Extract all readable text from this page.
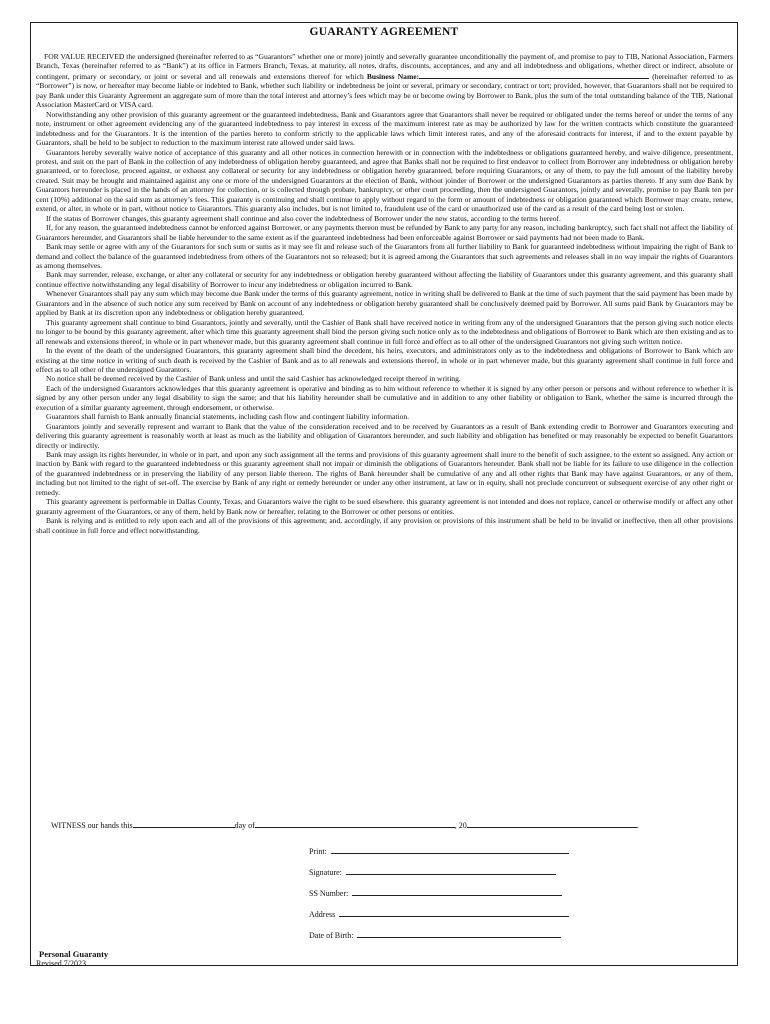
GUARANTY AGREEMENT

FOR VALUE RECEIVED the undersigned (hereinafter referred to as “Guarantors” whether one or more) jointly and severally guarantee unconditionally the payment of, and promise to pay to TIB, National Association, Farmers Branch, Texas (hereinafter referred to as “Bank”) at its office in Farmers Branch, Texas, at maturity, all notes, drafts, discounts, acceptances, and any and all indebtedness and obligations, whether direct or indirect, absolute or contingent, primary or secondary, or joint or several and all renewals and extensions thereof for which Business Name:	(hereinafter referred to as “Borrower”) is now, or hereafter may become liable or indebted to Bank, whether such liability or indebtedness be joint or several, primary or secondary, contract or tort; provided, however, that Guarantors shall not be required to pay Bank under this Guaranty Agreement an aggregate sum of more than the total interest and attorney’s fees which may be or become owing by Borrower to Bank, plus the sum of the total outstanding balance of the TIB, National Association MasterCard or VISA card.

Notwithstanding any other provision of this guaranty agreement or the guaranteed indebtedness, Bank and Guarantors agree that Guarantors shall never be required or obligated under the terms hereof or under the terms of any note, instrument or other agreement evidencing any of the guaranteed indebtedness to pay interest in excess of the maximum interest rate as may be authorized by law for the written contracts which constitute the guaranteed indebtedness and for the Guarantors. It is the intention of the parties hereto to conform strictly to the applicable laws which limit interest rates, and any of the aforesaid contracts for interest, if and to the extent payable by Guarantors, shall be held to be subject to reduction to the maximum interest rate allowed under said laws.

Guarantors hereby severally waive notice of acceptance of this guaranty and all other notices in connection herewith or in connection with the indebtedness or obligations guaranteed hereby, and waive diligence, presentment, protest, and suit on the part of Bank in the collection of any indebtedness of obligation hereby guaranteed, and agree that Banks shall not be required to first endeavor to collect from Borrower any indebtedness or obligation hereby guaranteed, or to foreclose, proceed against, or exhaust any collateral or security for any indebtedness or obligation hereby guaranteed, before requiring Guarantors, or any of them, to pay the full amount of the liability hereby created. Suit may be brought and maintained against any one or more of the undersigned Guarantors at the election of Bank, without joinder of Borrower or the undersigned Guarantors as parties thereto. If any sum due Bank by Guarantors hereunder is placed in the hands of an attorney for collection, or is collected through probate, bankruptcy, or other court proceeding, then the undersigned Guarantors, jointly and severally, promise to pay Bank ten per cent (10%) additional on the said sum as attorney’s fees. This guaranty is continuing and shall continue to apply without regard to the form or amount of indebtedness or obligation guaranteed which Borrower may create, renew, extend, or alter, in whole or in part, without notice to Guarantors. This guaranty also includes, but is not limited to, fraudulent use of the card or unauthorized use of the card as a result of the card being lost or stolen.

If the status of Borrower changes, this guaranty agreement shall continue and also cover the indebtedness of Borrower under the new status, according to the terms hereof.

If, for any reason, the guaranteed indebtedness cannot be enforced against Borrower, or any payments thereon must be refunded by Bank to any party for any reason, including bankruptcy, such fact shall not affect the liability of Guarantors hereunder, and Guarantors shall be liable hereunder to the same extent as if the guaranteed indebtedness had been enforceable against Borrower or said payments had not been made to Bank.

Bank may settle or agree with any of the Guarantors for such sum or sums as it may see fit and release such of the Guarantors from all further liability to Bank for guaranteed indebtedness without impairing the right of Bank to demand and collect the balance of the guaranteed indebtedness from others of the Guarantors not so released; but it is agreed among the Guarantors that such agreements and releases shall in no way impair the rights of Guarantors as among themselves.

Bank may surrender, release, exchange, or alter any collateral or security for any indebtedness or obligation hereby guaranteed without affecting the liability of Guarantors under this guaranty agreement, and this guaranty shall continue effective notwithstanding any legal disability of Borrower to incur any indebtedness or obligation incurred to Bank.

Whenever Guarantors shall pay any sum which may become due Bank under the terms of this guaranty agreement, notice in writing shall be delivered to Bank at the time of such payment that the said payment has been made by Guarantors and in the absence of such notice any sum received by Bank on account of any indebtedness or obligation hereby guaranteed shall be conclusively deemed paid by Borrower. All sums paid Bank by Guarantors may be applied by Bank at its discretion upon any indebtedness or obligation hereby guaranteed.

This guaranty agreement shall continue to bind Guarantors, jointly and severally, until the Cashier of Bank shall have received notice in writing from any of the undersigned Guarantors that the person giving such notice elects no longer to be bound by this guaranty agreement, after which time this guaranty agreement shall bind the person giving such notice only as to the indebtedness and obligations of Borrower to Bank which are then existing and as to all renewals and extensions thereof, in whole or in part whenever made, but this guaranty agreement shall continue in full force and effect as to all other of the undersigned Guarantors not giving such written notice.

In the event of the death of the undersigned Guarantors, this guaranty agreement shall bind the decedent, his heirs, executors, and administrators only as to the indebtedness and obligations of Borrower to Bank which are existing at the time notice in writing of such death is received by the Cashier of Bank and as to all renewals and extensions thereof, in whole or in part whenever made, but this guaranty agreement shall continue in full force and effect as to all other of the undersigned Guarantors.

No notice shall be deemed received by the Cashier of Bank unless and until the said Cashier has acknowledged receipt thereof in writing.

Each of the undersigned Guarantors acknowledges that this guaranty agreement is operative and binding as to him without reference to whether it is signed by any other person or persons and without reference to whether it is signed by any other person under any legal disability to sign the same; and that his liability hereunder shall be cumulative and in addition to any other liability or obligation to Bank, whether the same is incurred through the execution of a similar guaranty agreement, through endorsement, or otherwise.

Guarantors shall furnish to Bank annually financial statements, including cash flow and contingent liability information.

Guarantors jointly and severally represent and warrant to Bank that the value of the consideration received and to be received by Guarantors as a result of Bank extending credit to Borrower and Guarantors executing and delivering this guaranty agreement is reasonably worth at least as much as the liability and obligation of Guarantors hereunder, and such liability and obligation has benefited or may reasonably be expected to benefit Guarantors directly or indirectly.

Bank may assign its rights hereunder, in whole or in part, and upon any such assignment all the terms and provisions of this guaranty agreement shall inure to the benefit of such assignee, to the extent so assigned. Any action or inaction by Bank with regard to the guaranteed indebtedness or this guaranty agreement shall not impair or diminish the obligations of Guarantors hereunder. Bank shall not be liable for its failure to use diligence in the collection of the guaranteed indebtedness or in preserving the liability of any person liable thereon. The rights of Bank hereunder shall be cumulative of any and all other rights that Bank may have against Guarantors, or any of them, including but not limited to the right of set-off. The exercise by Bank of any right or remedy hereunder or under any other instrument, at law or in equity, shall not preclude concurrent or subsequent exercise of any other right or remedy.

This guaranty agreement is performable in Dallas County, Texas, and Guarantors waive the right to be sued elsewhere. this guaranty agreement is not intended and does not replace, cancel or otherwise modify or affect any other guaranty agreement of the Guarantors, or any of them, held by Bank now or hereafter, relating to the Borrower or other persons or entities.

Bank is relying and is entitled to rely upon each and all of the provisions of this agreement; and, accordingly, if any provision or provisions of this instrument shall be held to be invalid or ineffective, then all other provisions shall continue in full force and effect notwithstanding.

WITNESS our hands this	day of	, 20	.
Print:
Signature:
SS Number:
Address
Date of Birth:
Personal Guaranty
Revised 7/2023
